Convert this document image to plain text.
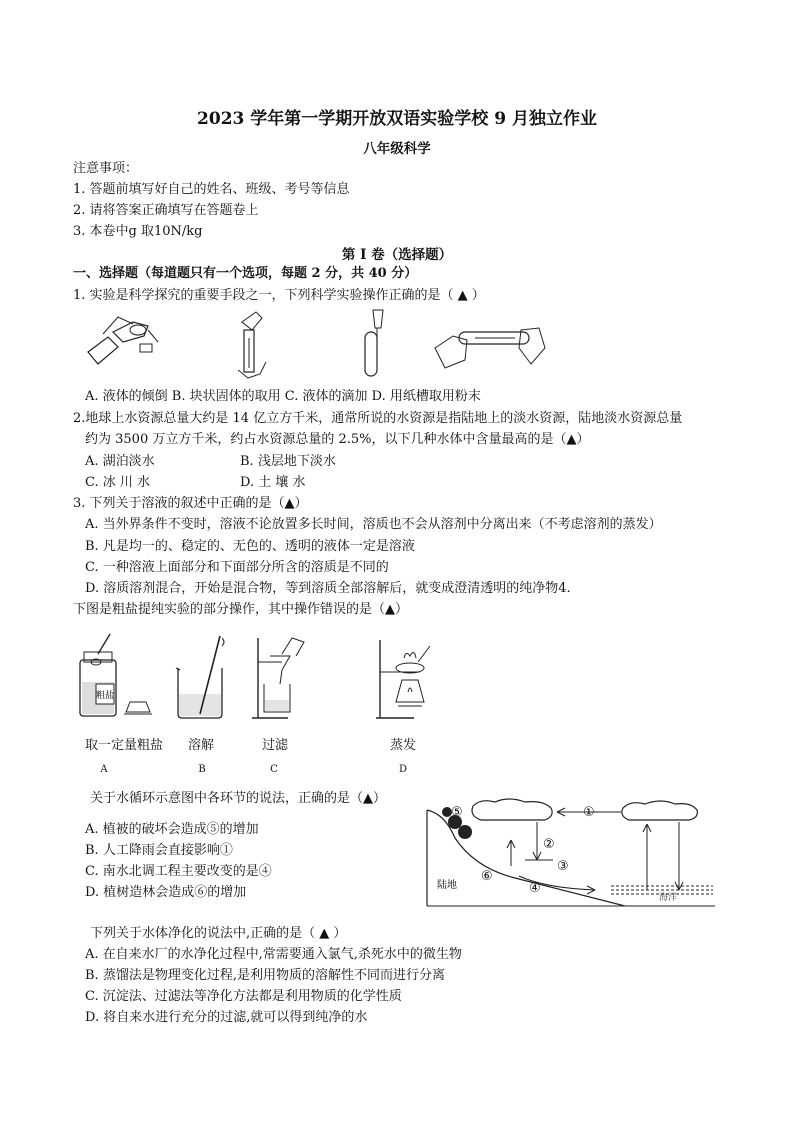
2023 学年第一学期开放双语实验学校 9 月独立作业
八年级科学
注意事项：
1. 答题前填写好自己的姓名、班级、考号等信息
2. 请将答案正确填写在答题卷上
3. 本卷中g 取10N/kg
第 I 卷（选择题）
一、选择题（每道题只有一个选项，每题 2 分，共 40 分）
1. 实验是科学探究的重要手段之一，下列科学实验操作正确的是（ ▲ ）
A. 液体的倾倒 B. 块状固体的取用 C. 液体的滴加 D. 用纸槽取用粉末
2.地球上水资源总量大约是 14 亿立方千米，通常所说的水资源是指陆地上的淡水资源，陆地淡水资源总量
约为 3500 万立方千米，约占水资源总量的 2.5%，以下几种水体中含量最高的是（▲）
A. 湖泊淡水	B. 浅层地下淡水
C. 冰 川 水	D. 土 壤 水
3. 下列关于溶液的叙述中正确的是（▲）
A. 当外界条件不变时，溶液不论放置多长时间，溶质也不会从溶剂中分离出来（不考虑溶剂的蒸发）
B. 凡是均一的、稳定的、无色的、透明的液体一定是溶液
C. 一种溶液上面部分和下面部分所含的溶质是不同的
D. 溶质溶剂混合，开始是混合物，等到溶质全部溶解后，就变成澄清透明的纯净物4.
下图是粗盐提纯实验的部分操作，其中操作错误的是（▲）
粗盐
取一定量粗盐	溶解	过滤	蒸发
A	B	C	D
关于水循环示意图中各环节的说法，正确的是（▲）
A. 植被的破坏会造成⑤的增加
B. 人工降雨会直接影响①
C. 南水北调工程主要改变的是④
D. 植树造林会造成⑥的增加
⑤	①
②
③
④
⑥
陆地
海洋
下列关于水体净化的说法中,正确的是（ ▲ ）
A. 在自来水厂的水净化过程中,常需要通入氯气,杀死水中的微生物
B. 蒸馏法是物理变化过程,是利用物质的溶解性不同而进行分离
C. 沉淀法、过滤法等净化方法都是利用物质的化学性质
D. 将自来水进行充分的过滤,就可以得到纯净的水
